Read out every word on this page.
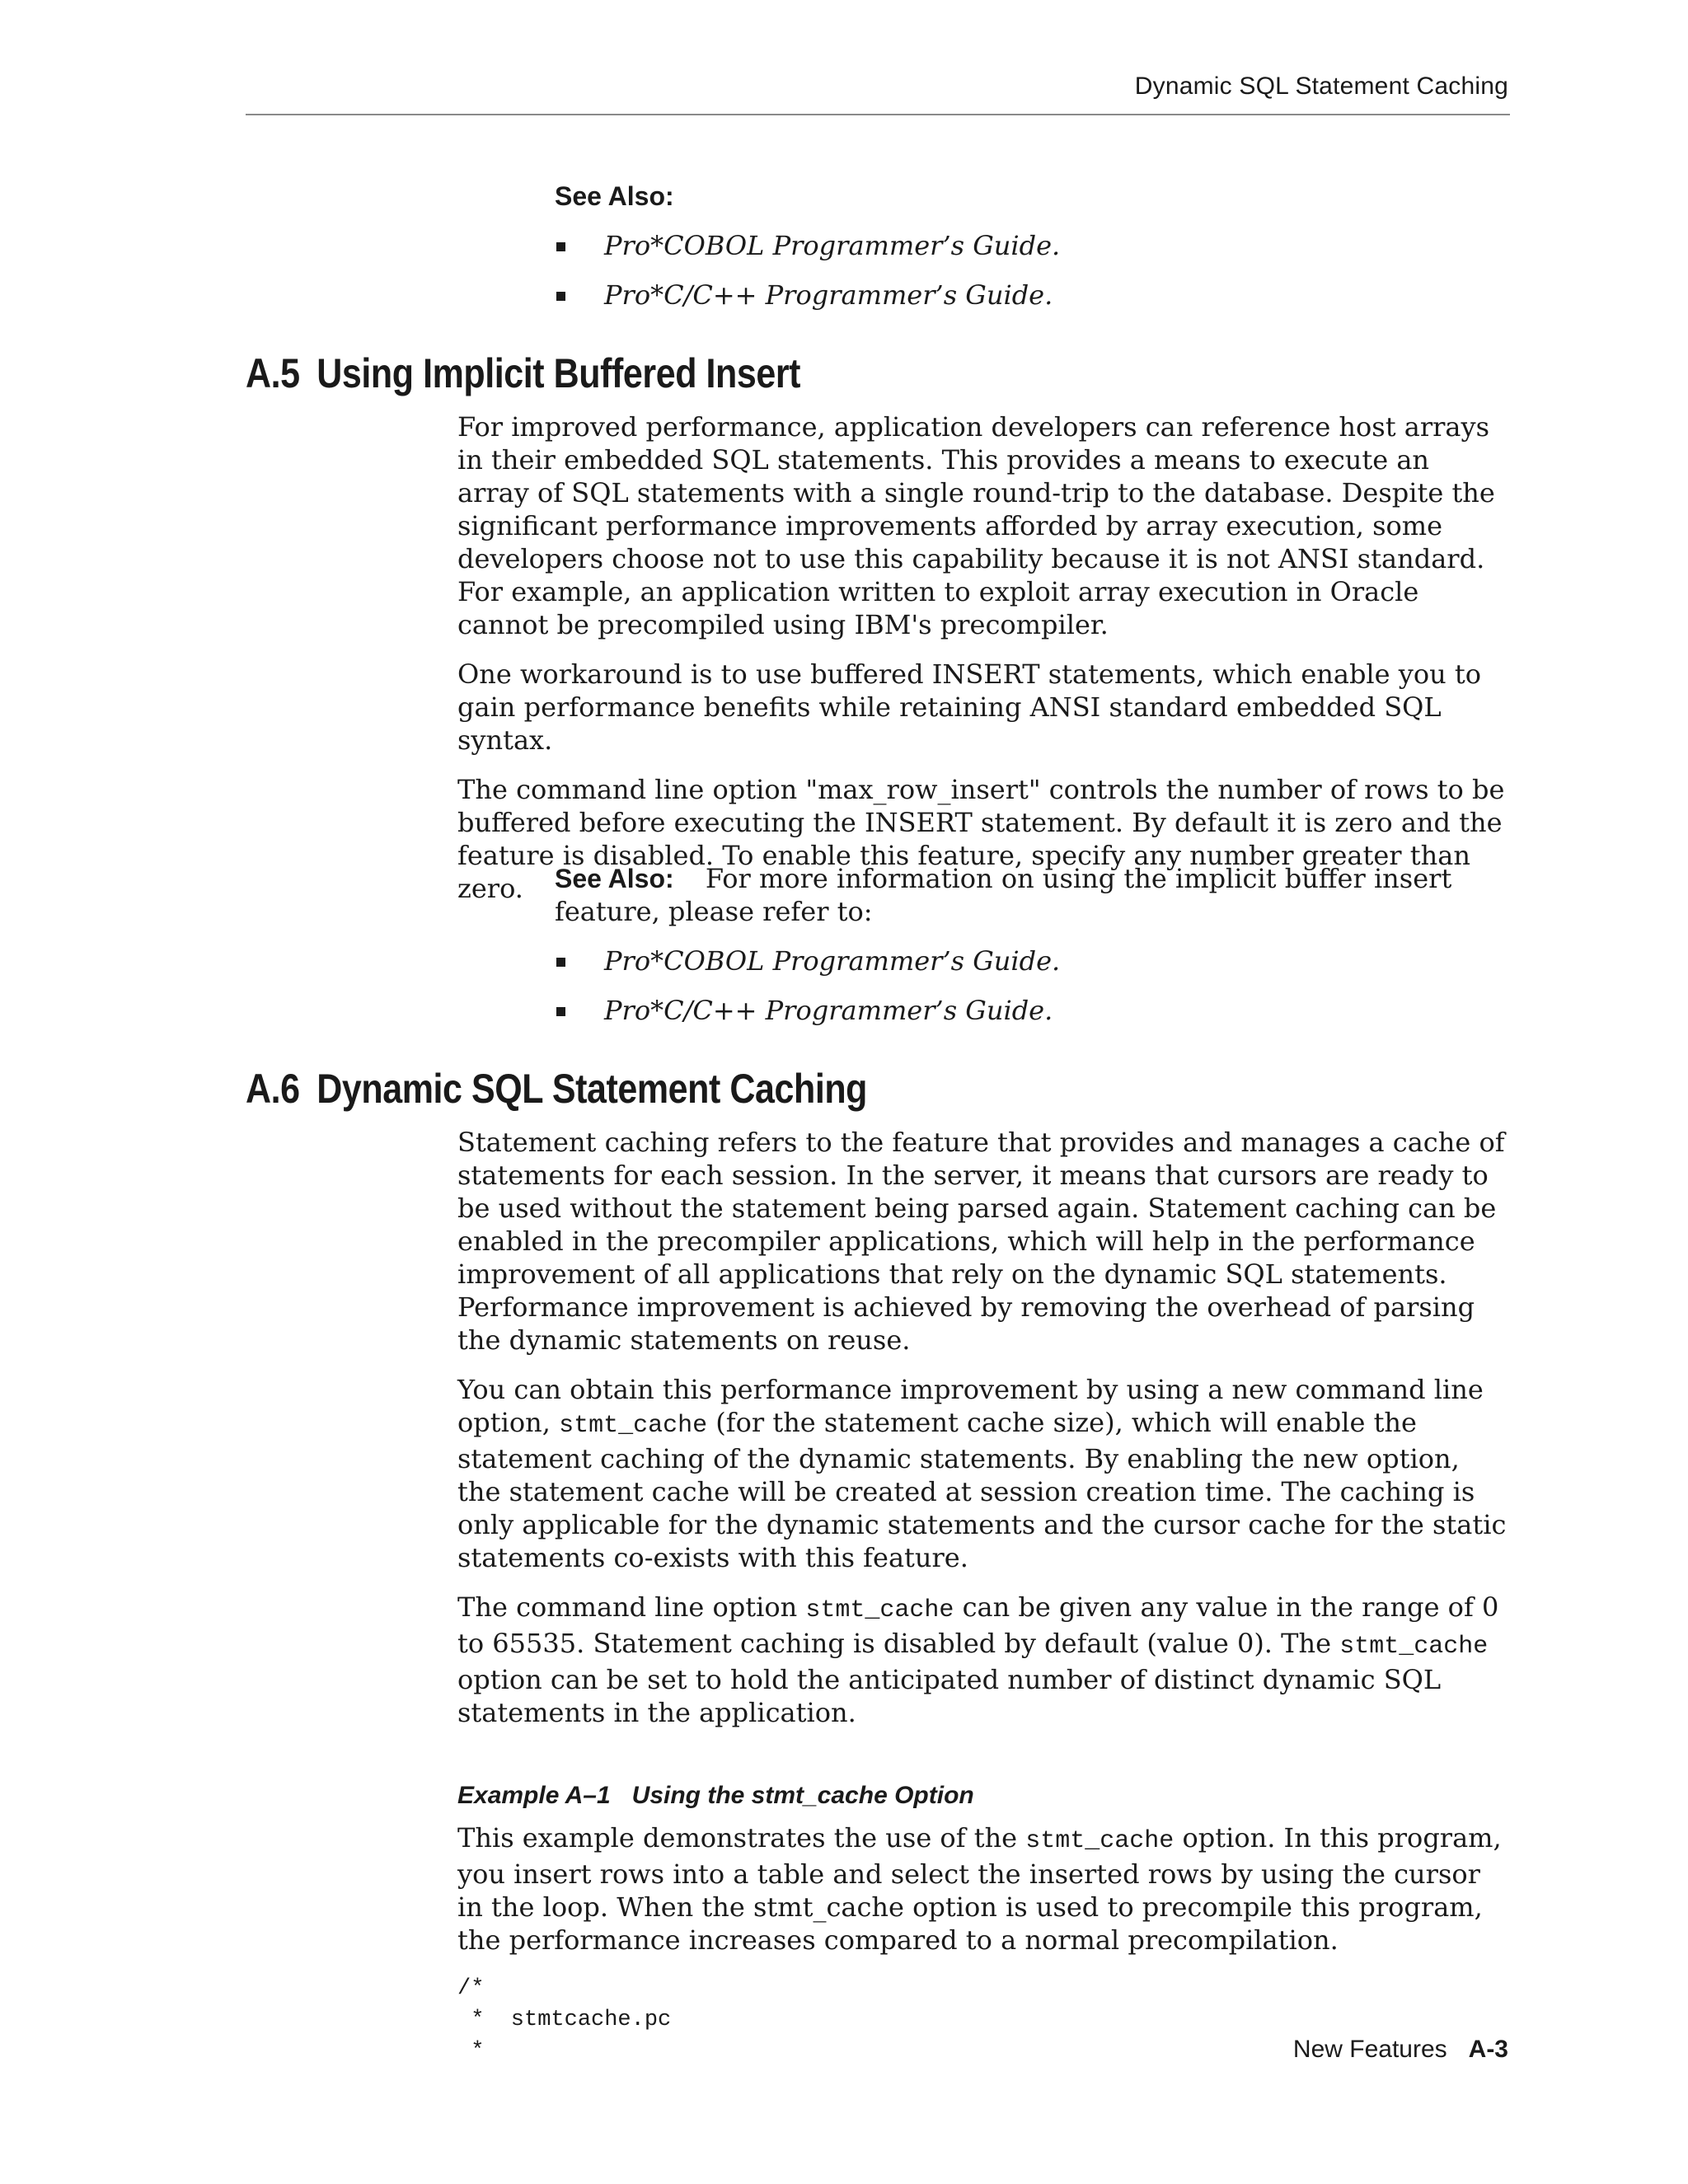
Dynamic SQL Statement Caching
See Also:
Pro*COBOL Programmer’s Guide.
Pro*C/C++ Programmer’s Guide.
A.5 Using Implicit Buffered Insert

For improved performance, application developers can reference host arrays in their embedded SQL statements. This provides a means to execute an array of SQL statements with a single round-trip to the database. Despite the significant performance improvements afforded by array execution, some developers choose not to use this capability because it is not ANSI standard. For example, an application written to exploit array execution in Oracle cannot be precompiled using IBM's precompiler.

One workaround is to use buffered INSERT statements, which enable you to gain performance benefits while retaining ANSI standard embedded SQL syntax.

The command line option "max_row_insert" controls the number of rows to be buffered before executing the INSERT statement. By default it is zero and the feature is disabled. To enable this feature, specify any number greater than zero.	See Also: For more information on using the implicit buffer insert feature, please refer to:
Pro*COBOL Programmer’s Guide.
Pro*C/C++ Programmer’s Guide.
A.6 Dynamic SQL Statement Caching

Statement caching refers to the feature that provides and manages a cache of statements for each session. In the server, it means that cursors are ready to be used without the statement being parsed again. Statement caching can be enabled in the precompiler applications, which will help in the performance improvement of all applications that rely on the dynamic SQL statements. Performance improvement is achieved by removing the overhead of parsing the dynamic statements on reuse.

You can obtain this performance improvement by using a new command line option, stmt_cache (for the statement cache size), which will enable the statement caching of the dynamic statements. By enabling the new option, the statement cache will be created at session creation time. The caching is only applicable for the dynamic statements and the cursor cache for the static statements co-exists with this feature.

The command line option stmt_cache can be given any value in the range of 0 to 65535. Statement caching is disabled by default (value 0). The stmt_cache option can be set to hold the anticipated number of distinct dynamic SQL statements in the application.

Example A–1 Using the stmt_cache Option

This example demonstrates the use of the stmt_cache option. In this program, you insert rows into a table and select the inserted rows by using the cursor in the loop. When the stmt_cache option is used to precompile this program, the performance increases compared to a normal precompilation.

/*
*  stmtcache.pc
*	New Features A-3
